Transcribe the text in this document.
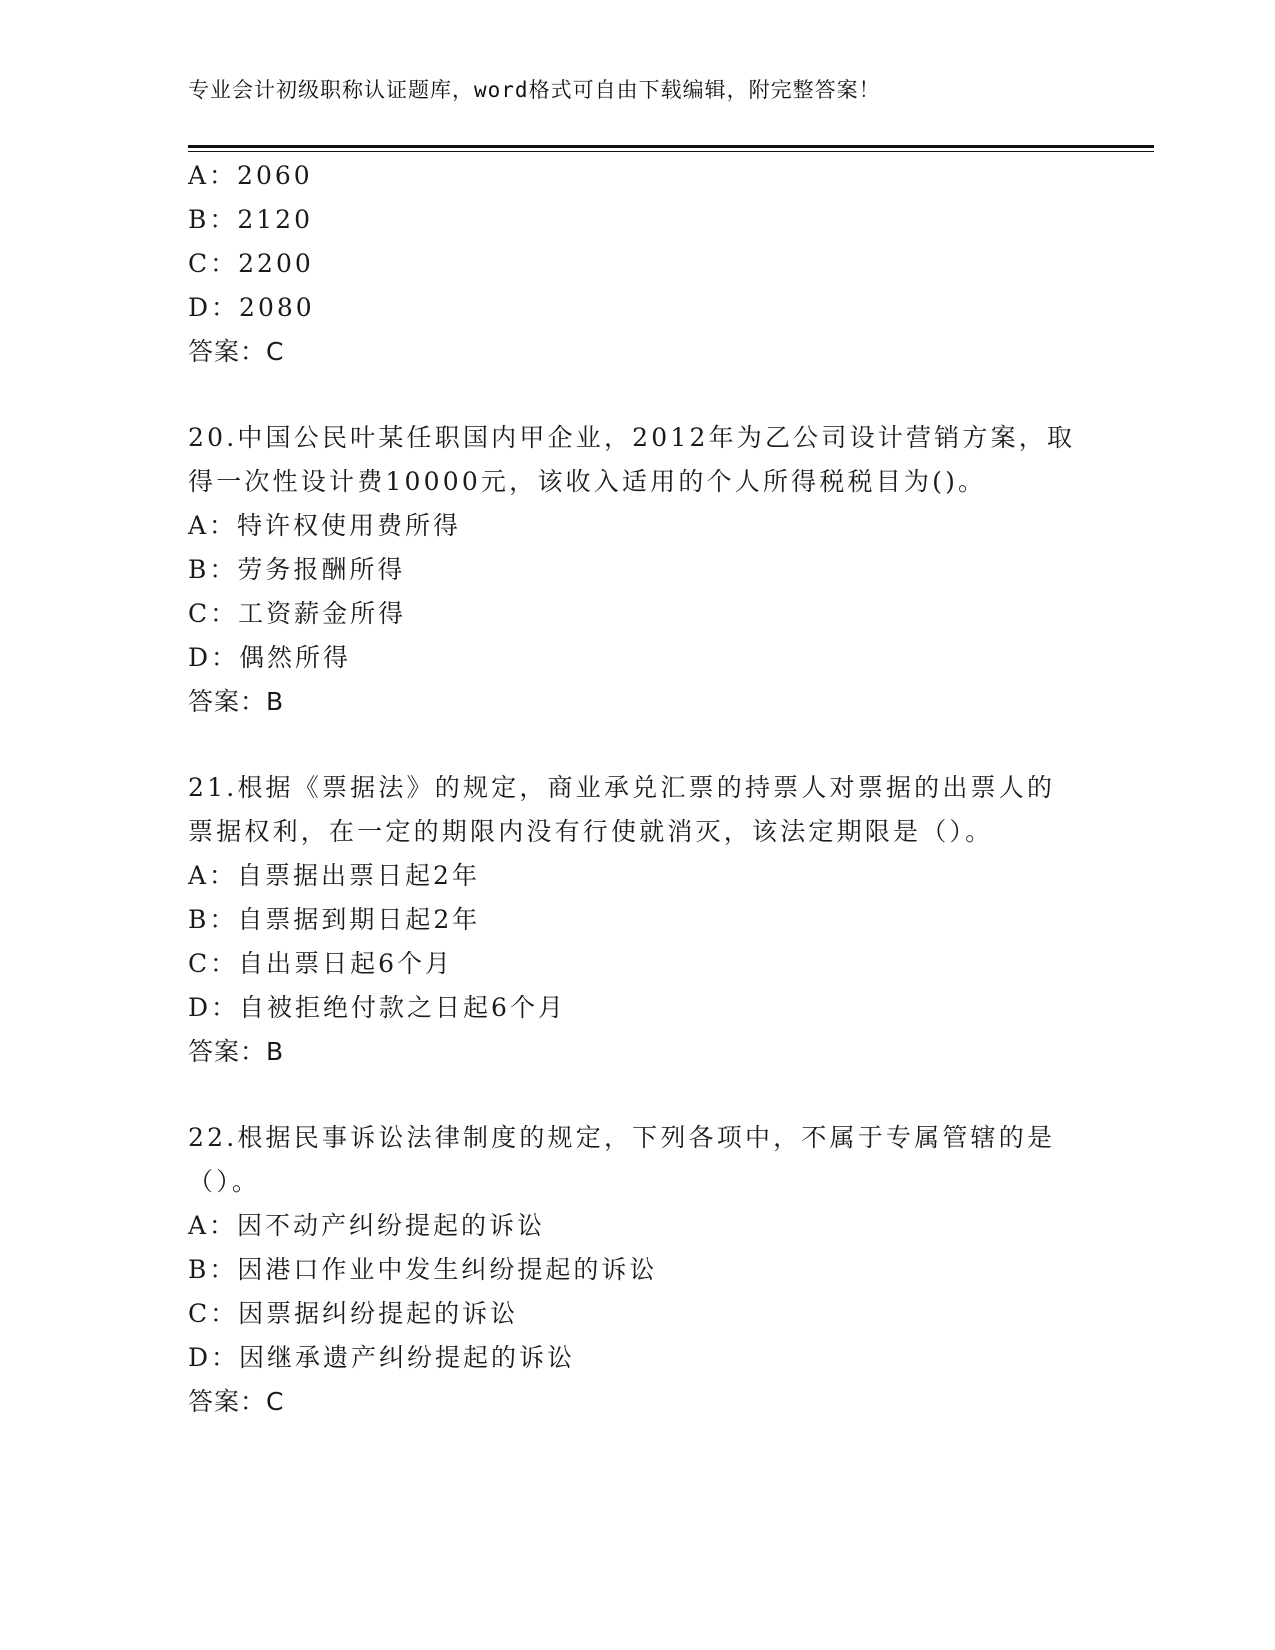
专业会计初级职称认证题库，word格式可自由下载编辑，附完整答案！
A：2060
B：2120
C：2200
D：2080
答案：C
20.中国公民叶某任职国内甲企业，2012年为乙公司设计营销方案，取
得一次性设计费10000元，该收入适用的个人所得税税目为()。
A：特许权使用费所得
B：劳务报酬所得
C：工资薪金所得
D：偶然所得
答案：B
21.根据《票据法》的规定，商业承兑汇票的持票人对票据的出票人的
票据权利，在一定的期限内没有行使就消灭，该法定期限是（）。
A：自票据出票日起2年
B：自票据到期日起2年
C：自出票日起6个月
D：自被拒绝付款之日起6个月
答案：B
22.根据民事诉讼法律制度的规定，下列各项中，不属于专属管辖的是
（）。
A：因不动产纠纷提起的诉讼
B：因港口作业中发生纠纷提起的诉讼
C：因票据纠纷提起的诉讼
D：因继承遗产纠纷提起的诉讼
答案：C
